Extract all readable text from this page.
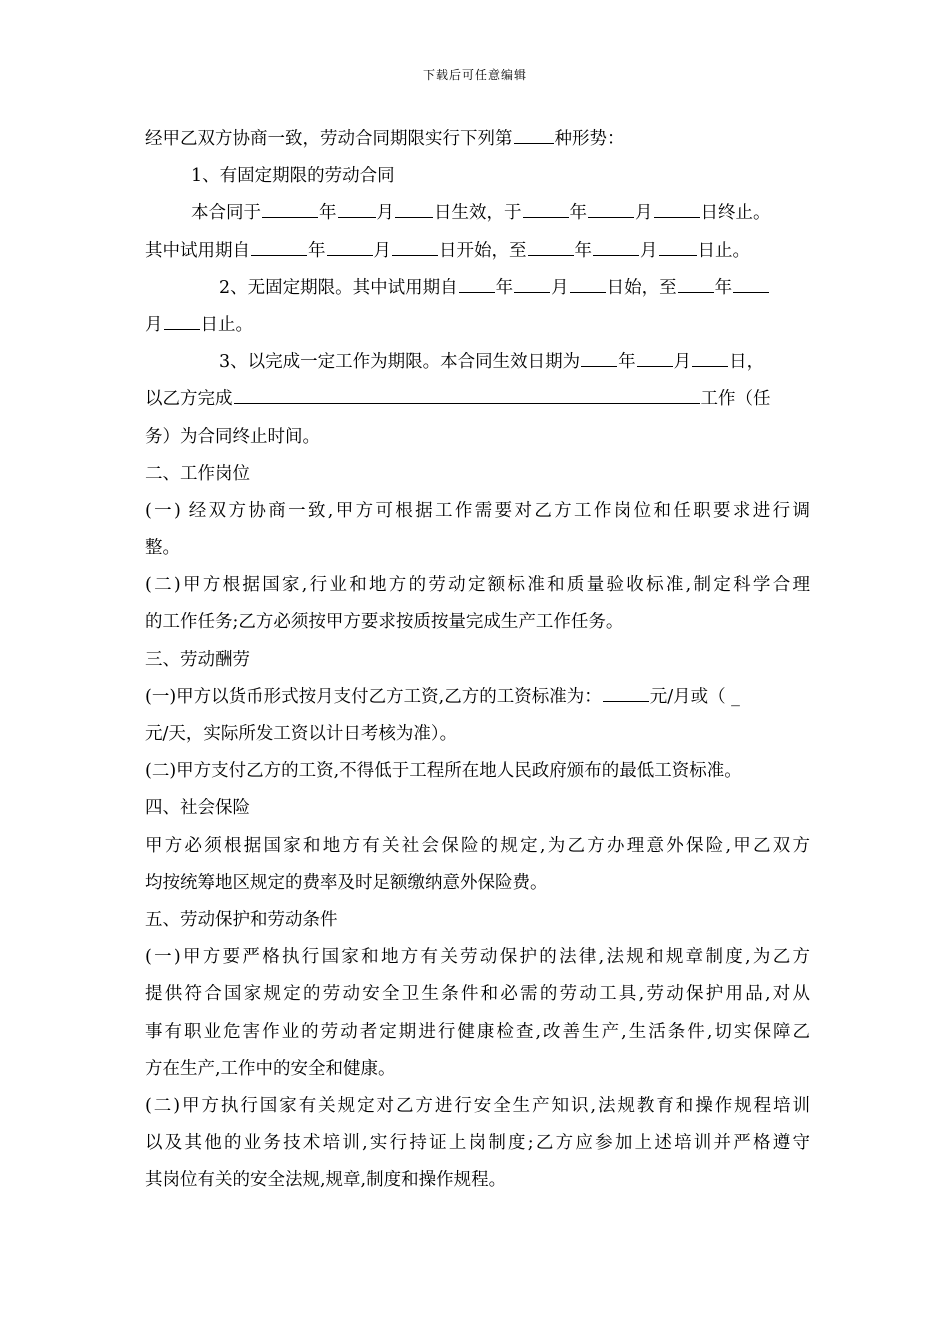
下载后可任意编辑
经甲乙双方协商一致，劳动合同期限实行下列第 种形势：
1、有固定期限的劳动合同
本合同于	年 月 日生效，于	年	月	日终止。
其中试用期自	年	月	日开始，至	年	月 日止。
2、无固定期限。其中试用期自 年 月 日始，至 年
月 日止。
3、以完成一定工作为期限。本合同生效日期为 年 月 日，
以乙方完成	工作（任
务）为合同终止时间。
二、工作岗位
(一) 经双方协商一致,甲方可根据工作需要对乙方工作岗位和任职要求进行调
整。
(二)甲方根据国家,行业和地方的劳动定额标准和质量验收标准,制定科学合理
的工作任务;乙方必须按甲方要求按质按量完成生产工作任务。
三、劳动酬劳
(一)甲方以货币形式按月支付乙方工资,乙方的工资标准为：	元/月或（ _
元/天，实际所发工资以计日考核为准）。
(二)甲方支付乙方的工资,不得低于工程所在地人民政府颁布的最低工资标准。
四、社会保险
甲方必须根据国家和地方有关社会保险的规定,为乙方办理意外保险,甲乙双方
均按统筹地区规定的费率及时足额缴纳意外保险费。
五、劳动保护和劳动条件
(一)甲方要严格执行国家和地方有关劳动保护的法律,法规和规章制度,为乙方
提供符合国家规定的劳动安全卫生条件和必需的劳动工具,劳动保护用品,对从
事有职业危害作业的劳动者定期进行健康检查,改善生产,生活条件,切实保障乙
方在生产,工作中的安全和健康。
(二)甲方执行国家有关规定对乙方进行安全生产知识,法规教育和操作规程培训
以及其他的业务技术培训,实行持证上岗制度;乙方应参加上述培训并严格遵守
其岗位有关的安全法规,规章,制度和操作规程。
